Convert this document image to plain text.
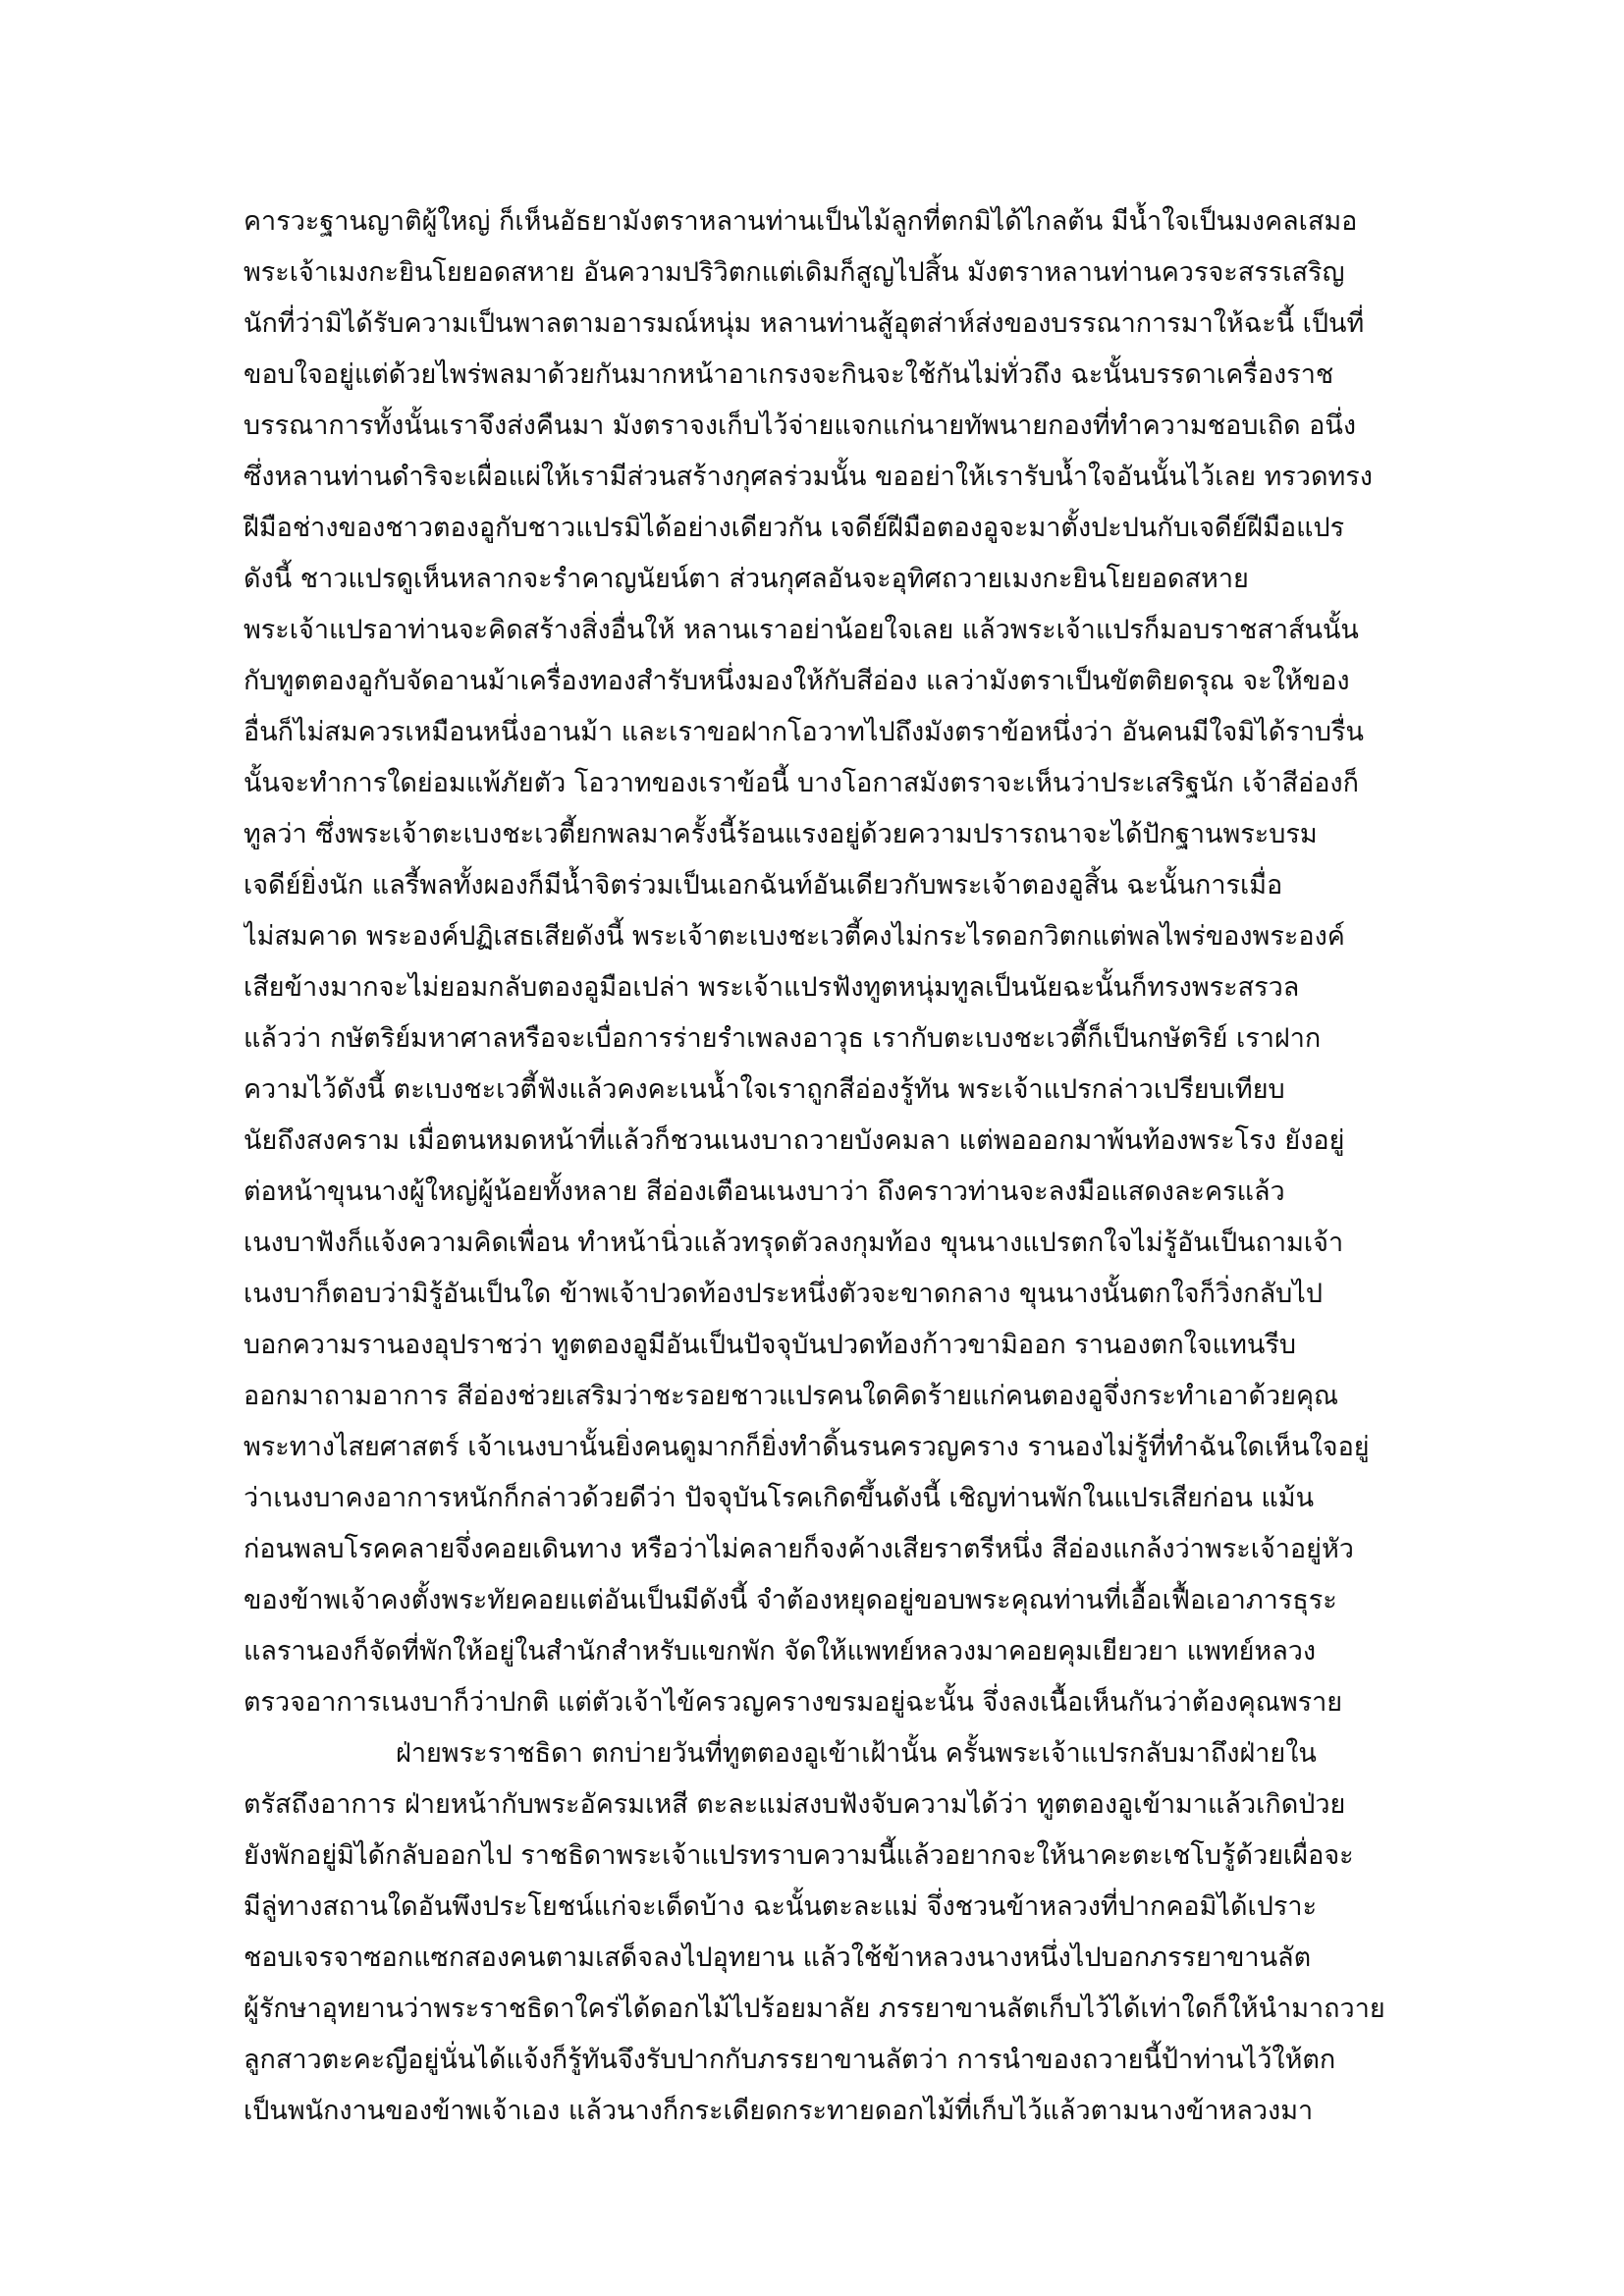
คารวะฐานญาติผู้ใหญ่ ก็เห็นอัธยามังตราหลานท่านเป็นไม้ลูกที่ตกมิได้ไกลต้น มีน้ำใจเป็นมงคลเสมอ
พระเจ้าเมงกะยินโยยอดสหาย อันความปริวิตกแต่เดิมก็สูญไปสิ้น มังตราหลานท่านควรจะสรรเสริญ
นักที่ว่ามิได้รับความเป็นพาลตามอารมณ์หนุ่ม หลานท่านสู้อุตส่าห์ส่งของบรรณาการมาให้ฉะนี้ เป็นที่
ขอบใจอยู่แต่ด้วยไพร่พลมาด้วยกันมากหน้าอาเกรงจะกินจะใช้กันไม่ทั่วถึง ฉะนั้นบรรดาเครื่องราช
บรรณาการทั้งนั้นเราจึงส่งคืนมา มังตราจงเก็บไว้จ่ายแจกแก่นายทัพนายกองที่ทำความชอบเถิด อนึ่ง
ซึ่งหลานท่านดำริจะเผื่อแผ่ให้เรามีส่วนสร้างกุศลร่วมนั้น ขออย่าให้เรารับน้ำใจอันนั้นไว้เลย ทรวดทรง
ฝีมือช่างของชาวตองอูกับชาวแปรมิได้อย่างเดียวกัน เจดีย์ฝีมือตองอูจะมาตั้งปะปนกับเจดีย์ฝีมือแปร
ดังนี้ ชาวแปรดูเห็นหลากจะรำคาญนัยน์ตา ส่วนกุศลอันจะอุทิศถวายเมงกะยินโยยอดสหาย
พระเจ้าแปรอาท่านจะคิดสร้างสิ่งอื่นให้ หลานเราอย่าน้อยใจเลย แล้วพระเจ้าแปรก็มอบราชสาส์นนั้น
กับทูตตองอูกับจัดอานม้าเครื่องทองสำรับหนึ่งมองให้กับสีอ่อง แลว่ามังตราเป็นขัตติยดรุณ จะให้ของ
อื่นก็ไม่สมควรเหมือนหนึ่งอานม้า และเราขอฝากโอวาทไปถึงมังตราข้อหนึ่งว่า อันคนมีใจมิได้ราบรื่น
นั้นจะทำการใดย่อมแพ้ภัยตัว โอวาทของเราข้อนี้ บางโอกาสมังตราจะเห็นว่าประเสริฐนัก เจ้าสีอ่องก็
ทูลว่า ซึ่งพระเจ้าตะเบงชะเวตี้ยกพลมาครั้งนี้ร้อนแรงอยู่ด้วยความปรารถนาจะได้ปักฐานพระบรม
เจดีย์ยิ่งนัก แลรี้พลทั้งผองก็มีน้ำจิตร่วมเป็นเอกฉันท์อันเดียวกับพระเจ้าตองอูสิ้น ฉะนั้นการเมื่อ
ไม่สมคาด พระองค์ปฏิเสธเสียดังนี้ พระเจ้าตะเบงชะเวตี้คงไม่กระไรดอกวิตกแต่พลไพร่ของพระองค์
เสียข้างมากจะไม่ยอมกลับตองอูมือเปล่า พระเจ้าแปรฟังทูตหนุ่มทูลเป็นนัยฉะนั้นก็ทรงพระสรวล
แล้วว่า กษัตริย์มหาศาลหรือจะเบื่อการร่ายรำเพลงอาวุธ เรากับตะเบงชะเวตี้ก็เป็นกษัตริย์ เราฝาก
ความไว้ดังนี้ ตะเบงชะเวตี้ฟังแล้วคงคะเนน้ำใจเราถูกสีอ่องรู้ทัน พระเจ้าแปรกล่าวเปรียบเทียบ
นัยถึงสงคราม เมื่อตนหมดหน้าที่แล้วก็ชวนเนงบาถวายบังคมลา แต่พอออกมาพ้นท้องพระโรง ยังอยู่
ต่อหน้าขุนนางผู้ใหญ่ผู้น้อยทั้งหลาย สีอ่องเตือนเนงบาว่า ถึงคราวท่านจะลงมือแสดงละครแล้ว
เนงบาฟังก็แจ้งความคิดเพื่อน ทำหน้านิ่วแล้วทรุดตัวลงกุมท้อง ขุนนางแปรตกใจไม่รู้อันเป็นถามเจ้า
เนงบาก็ตอบว่ามิรู้อันเป็นใด ข้าพเจ้าปวดท้องประหนึ่งตัวจะขาดกลาง ขุนนางนั้นตกใจก็วิ่งกลับไป
บอกความรานองอุปราชว่า ทูตตองอูมีอันเป็นปัจจุบันปวดท้องก้าวขามิออก รานองตกใจแทนรีบ
ออกมาถามอาการ สีอ่องช่วยเสริมว่าชะรอยชาวแปรคนใดคิดร้ายแก่คนตองอูจึ่งกระทำเอาด้วยคุณ
พระทางไสยศาสตร์ เจ้าเนงบานั้นยิ่งคนดูมากก็ยิ่งทำดิ้นรนครวญคราง รานองไม่รู้ที่ทำฉันใดเห็นใจอยู่
ว่าเนงบาคงอาการหนักก็กล่าวด้วยดีว่า ปัจจุบันโรคเกิดขึ้นดังนี้ เชิญท่านพักในแปรเสียก่อน แม้น
ก่อนพลบโรคคลายจึ่งคอยเดินทาง หรือว่าไม่คลายก็จงค้างเสียราตรีหนึ่ง สีอ่องแกล้งว่าพระเจ้าอยู่หัว
ของข้าพเจ้าคงตั้งพระทัยคอยแต่อันเป็นมีดังนี้ จำต้องหยุดอยู่ขอบพระคุณท่านที่เอื้อเฟื้อเอาภารธุระ
แลรานองก็จัดที่พักให้อยู่ในสำนักสำหรับแขกพัก จัดให้แพทย์หลวงมาคอยคุมเยียวยา แพทย์หลวง
ตรวจอาการเนงบาก็ว่าปกติ แต่ตัวเจ้าไข้ครวญครางขรมอยู่ฉะนั้น จึ่งลงเนื้อเห็นกันว่าต้องคุณพราย
ฝ่ายพระราชธิดา ตกบ่ายวันที่ทูตตองอูเข้าเฝ้านั้น ครั้นพระเจ้าแปรกลับมาถึงฝ่ายใน
ตรัสถึงอาการ ฝ่ายหน้ากับพระอัครมเหสี ตะละแม่สงบฟังจับความได้ว่า ทูตตองอูเข้ามาแล้วเกิดป่วย
ยังพักอยู่มิได้กลับออกไป ราชธิดาพระเจ้าแปรทราบความนี้แล้วอยากจะให้นาคะตะเชโบรู้ด้วยเผื่อจะ
มีลู่ทางสถานใดอันพึงประโยชน์แก่จะเด็ดบ้าง ฉะนั้นตะละแม่ จึ่งชวนข้าหลวงที่ปากคอมิได้เปราะ
ชอบเจรจาซอกแซกสองคนตามเสด็จลงไปอุทยาน แล้วใช้ข้าหลวงนางหนึ่งไปบอกภรรยาขานลัต
ผู้รักษาอุทยานว่าพระราชธิดาใคร่ได้ดอกไม้ไปร้อยมาลัย ภรรยาขานลัตเก็บไว้ได้เท่าใดก็ให้นำมาถวาย
ลูกสาวตะคะญีอยู่นั่นได้แจ้งก็รู้ทันจึงรับปากกับภรรยาขานลัตว่า การนำของถวายนี้ป้าท่านไว้ให้ตก
เป็นพนักงานของข้าพเจ้าเอง แล้วนางก็กระเดียดกระทายดอกไม้ที่เก็บไว้แล้วตามนางข้าหลวงมา
